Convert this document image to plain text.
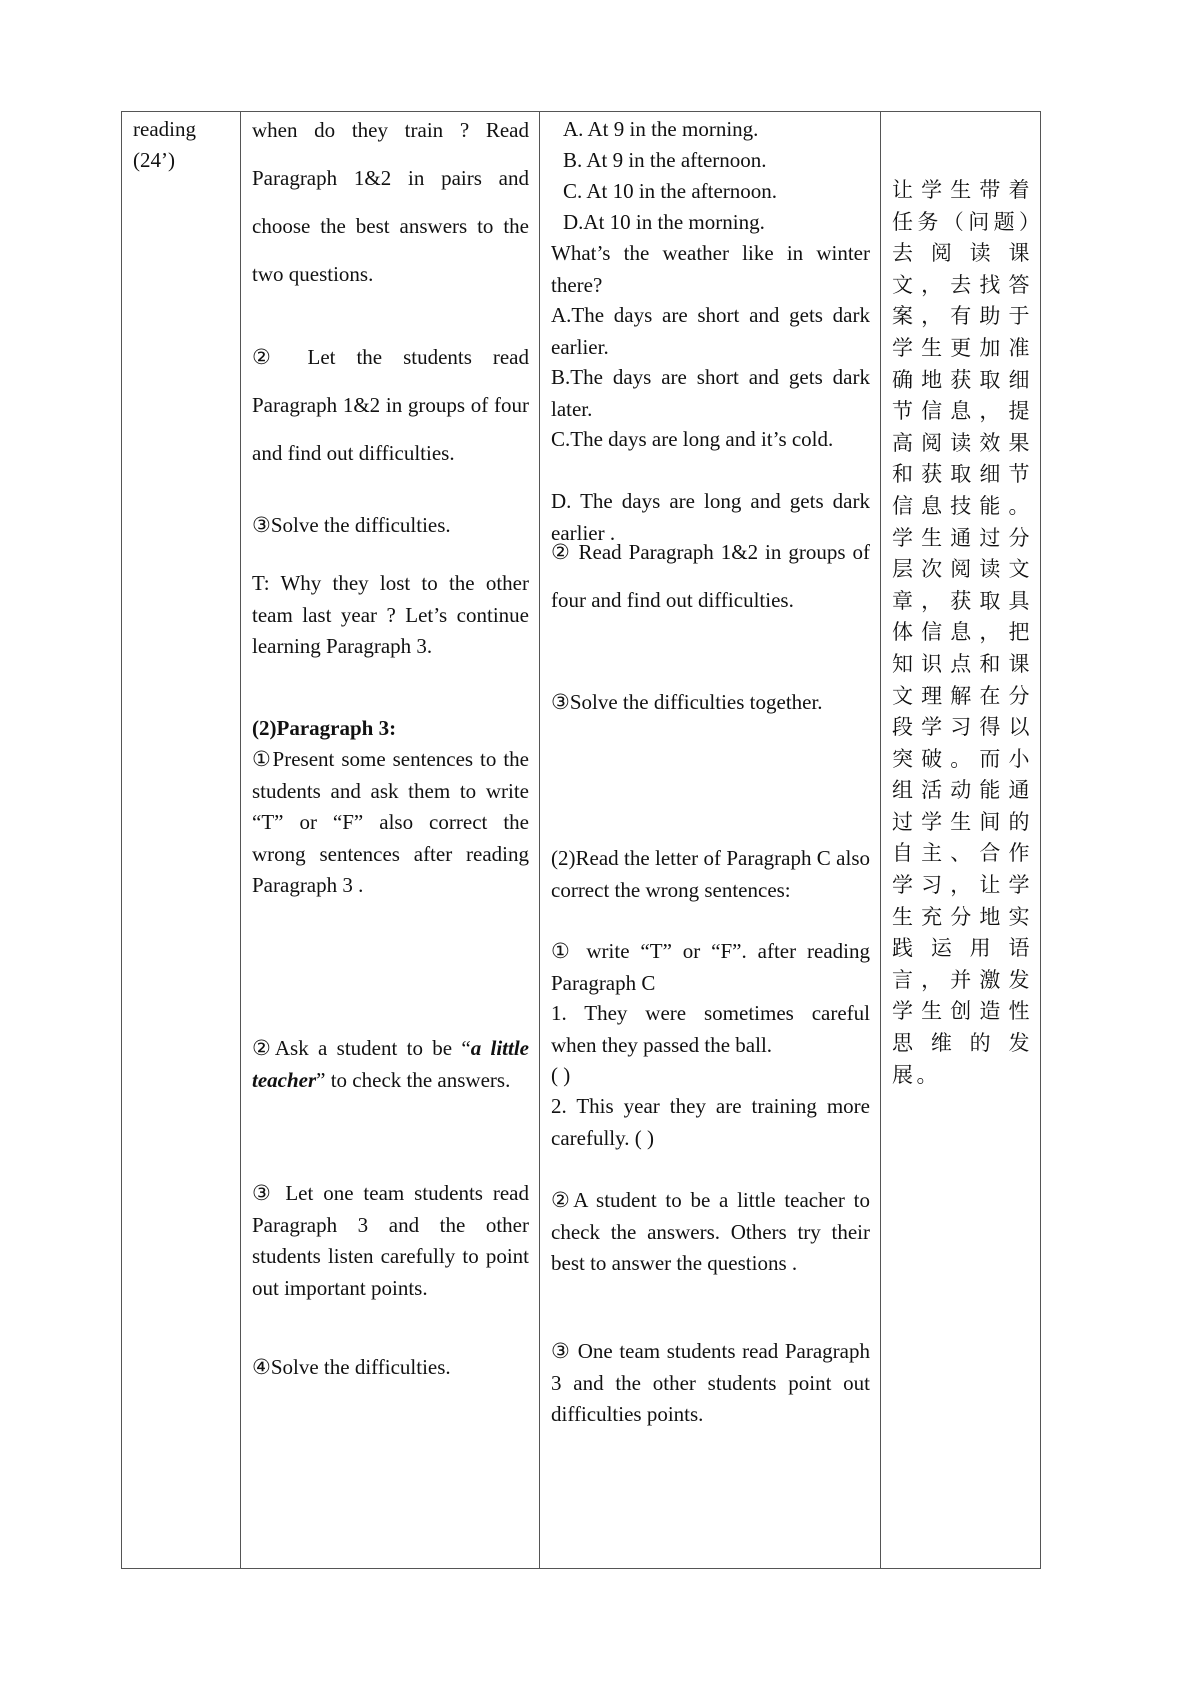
reading
(24’)
when do they train ? Read Paragraph 1&2 in pairs and choose the best answers to the two questions.
② Let the students read Paragraph 1&2 in groups of four and find out difficulties.
③Solve the difficulties.
T: Why they lost to the other team last year ? Let’s continue learning Paragraph 3.
(2)Paragraph 3:
①Present some sentences to the students and ask them to write “T” or “F” also correct the wrong sentences after reading Paragraph 3 .
②Ask a student to be “a little teacher” to check the answers.
③ Let one team students read Paragraph 3 and the other students listen carefully to point out important points.
④Solve the difficulties.
A. At 9 in the morning.
B. At 9 in the afternoon.
C. At 10 in the afternoon.
D.At 10 in the morning.
What’s the weather like in winter there?
A.The days are short and gets dark earlier.
B.The days are short and gets dark later.
C.The days are long and it’s cold.
D. The days are long and gets dark earlier .
② Read Paragraph 1&2 in groups of four and find out difficulties.
③Solve the difficulties together.
(2)Read the letter of Paragraph C also correct the wrong sentences:
① write “T” or “F”. after reading Paragraph C
1. They were sometimes careful when they passed the ball.
( )
2. This year they are training more carefully. ( )
②A student to be a little teacher to check the answers. Others try their best to answer the questions .
③ One team students read Paragraph 3 and the other students point out difficulties points.
让学生带着任务（问题）去阅读课文，去找答案，有助于学生更加准确地获取细节信息，提高阅读效果和获取细节信息技能。学生通过分层次阅读文章，获取具体信息，把知识点和课文理解在分段学习得以突破。而小组活动能通过学生间的自主、合作学习，让学生充分地实践运用语言，并激发学生创造性思维的发展。
